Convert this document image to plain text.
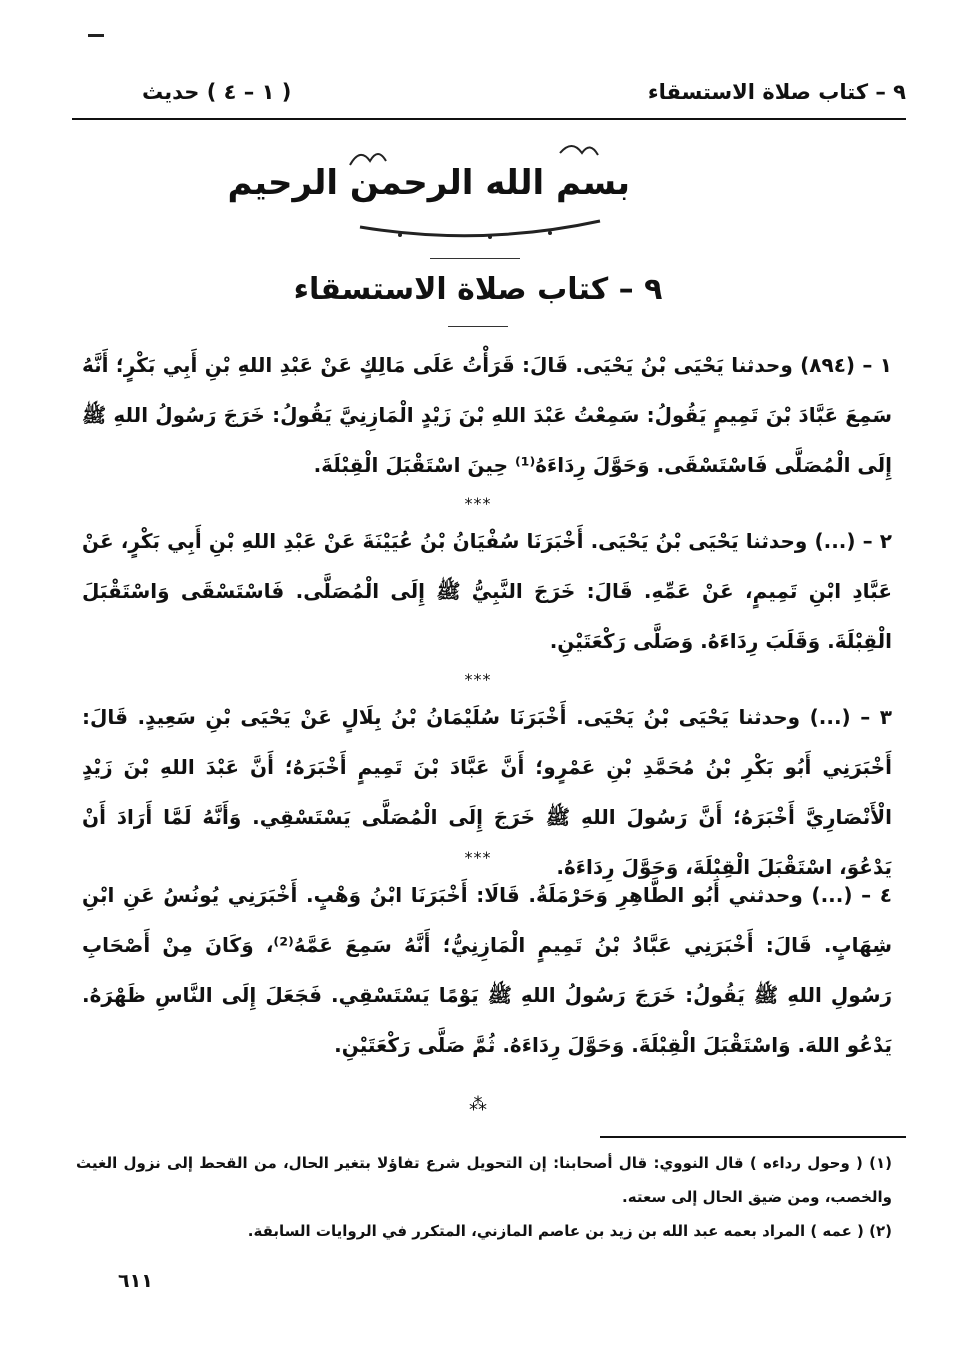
٩ – كتاب صلاة الاستسقاء
( ١ – ٤ ) حديث
بسم الله الرحمن الرحيم
٩ – كتاب صلاة الاستسقاء
١ – (٨٩٤) وحدثنا يَحْيَى بْنُ يَحْيَى. قَالَ: قَرَأْتُ عَلَى مَالِكٍ عَنْ عَبْدِ اللهِ بْنِ أَبِي بَكْرٍ؛ أَنَّهُ سَمِعَ عَبَّادَ بْنَ تَمِيمٍ يَقُولُ: سَمِعْتُ عَبْدَ اللهِ بْنَ زَيْدٍ الْمَازِنِيَّ يَقُولُ: خَرَجَ رَسُولُ اللهِ ﷺ إِلَى الْمُصَلَّى فَاسْتَسْقَى. وَحَوَّلَ رِدَاءَهُ⁽¹⁾ حِينَ اسْتَقْبَلَ الْقِبْلَةَ.
***
٢ – (...) وحدثنا يَحْيَى بْنُ يَحْيَى. أَخْبَرَنَا سُفْيَانُ بْنُ عُيَيْنَةَ عَنْ عَبْدِ اللهِ بْنِ أَبِي بَكْرٍ، عَنْ عَبَّادِ ابْنِ تَمِيمٍ، عَنْ عَمِّهِ. قَالَ: خَرَجَ النَّبِيُّ ﷺ إِلَى الْمُصَلَّى. فَاسْتَسْقَى وَاسْتَقْبَلَ الْقِبْلَةَ. وَقَلَبَ رِدَاءَهُ. وَصَلَّى رَكْعَتَيْنِ.
***
٣ – (...) وحدثنا يَحْيَى بْنُ يَحْيَى. أَخْبَرَنَا سُلَيْمَانُ بْنُ بِلَالٍ عَنْ يَحْيَى بْنِ سَعِيدٍ. قَالَ: أَخْبَرَنِي أَبُو بَكْرِ بْنُ مُحَمَّدِ بْنِ عَمْرٍو؛ أَنَّ عَبَّادَ بْنَ تَمِيمٍ أَخْبَرَهُ؛ أَنَّ عَبْدَ اللهِ بْنَ زَيْدٍ الْأَنْصَارِيَّ أَخْبَرَهُ؛ أَنَّ رَسُولَ اللهِ ﷺ خَرَجَ إِلَى الْمُصَلَّى يَسْتَسْقِي. وَأَنَّهُ لَمَّا أَرَادَ أَنْ يَدْعُوَ، اسْتَقْبَلَ الْقِبْلَةَ، وَحَوَّلَ رِدَاءَهُ.
***
٤ – (...) وحدثني أَبُو الطَّاهِرِ وَحَرْمَلَةُ. قَالَا: أَخْبَرَنَا ابْنُ وَهْبٍ. أَخْبَرَنِي يُونُسُ عَنِ ابْنِ شِهَابٍ. قَالَ: أَخْبَرَنِي عَبَّادُ بْنُ تَمِيمٍ الْمَازِنِيُّ؛ أَنَّهُ سَمِعَ عَمَّهُ⁽²⁾، وَكَانَ مِنْ أَصْحَابِ رَسُولِ اللهِ ﷺ يَقُولُ: خَرَجَ رَسُولُ اللهِ ﷺ يَوْمًا يَسْتَسْقِي. فَجَعَلَ إِلَى النَّاسِ ظَهْرَهُ. يَدْعُو اللهَ. وَاسْتَقْبَلَ الْقِبْلَةَ. وَحَوَّلَ رِدَاءَهُ. ثُمَّ صَلَّى رَكْعَتَيْنِ.
⁂

(١) ( وحول رداءه ) قال النووي: قال أصحابنا: إن التحويل شرع تفاؤلا بتغير الحال، من القحط إلى نزول الغيث والخصب، ومن ضيق الحال إلى سعته.

(٢) ( عمه ) المراد بعمه عبد الله بن زيد بن عاصم المازني، المتكرر في الروايات السابقة.

٦١١
